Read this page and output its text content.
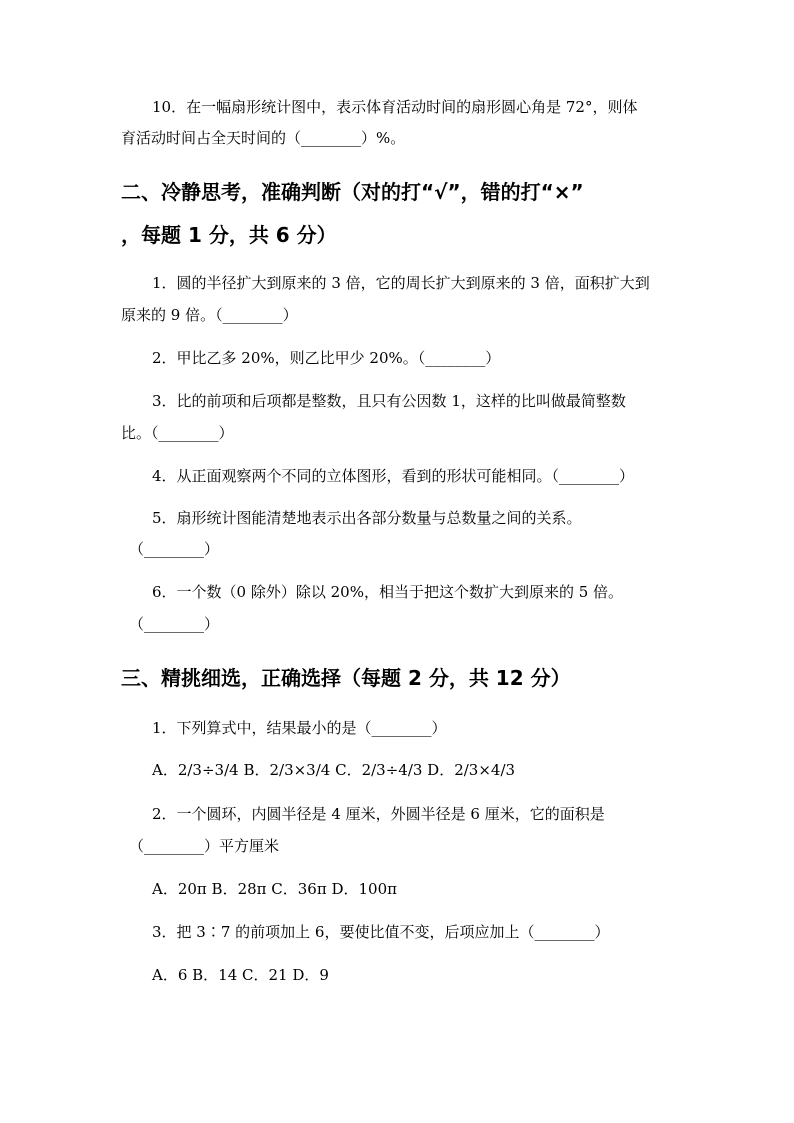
10．在一幅扇形统计图中，表示体育活动时间的扇形圆心角是 72°，则体
育活动时间占全天时间的（________）%。
二、冷静思考，准确判断（对的打“√”，错的打“×”
，每题 1 分，共 6 分）
1．圆的半径扩大到原来的 3 倍，它的周长扩大到原来的 3 倍，面积扩大到
原来的 9 倍。（________）
2．甲比乙多 20%，则乙比甲少 20%。（________）
3．比的前项和后项都是整数，且只有公因数 1，这样的比叫做最简整数
比。（________）
4．从正面观察两个不同的立体图形，看到的形状可能相同。（________）
5．扇形统计图能清楚地表示出各部分数量与总数量之间的关系。
（________）
6．一个数（0 除外）除以 20%，相当于把这个数扩大到原来的 5 倍。
（________）
三、精挑细选，正确选择（每题 2 分，共 12 分）
1．下列算式中，结果最小的是（________）
A．2/3÷3/4 B．2/3×3/4 C．2/3÷4/3 D．2/3×4/3
2．一个圆环，内圆半径是 4 厘米，外圆半径是 6 厘米，它的面积是
（________）平方厘米
A．20π B．28π C．36π D．100π
3．把 3∶7 的前项加上 6，要使比值不变，后项应加上（________）
A．6 B．14 C．21 D．9
